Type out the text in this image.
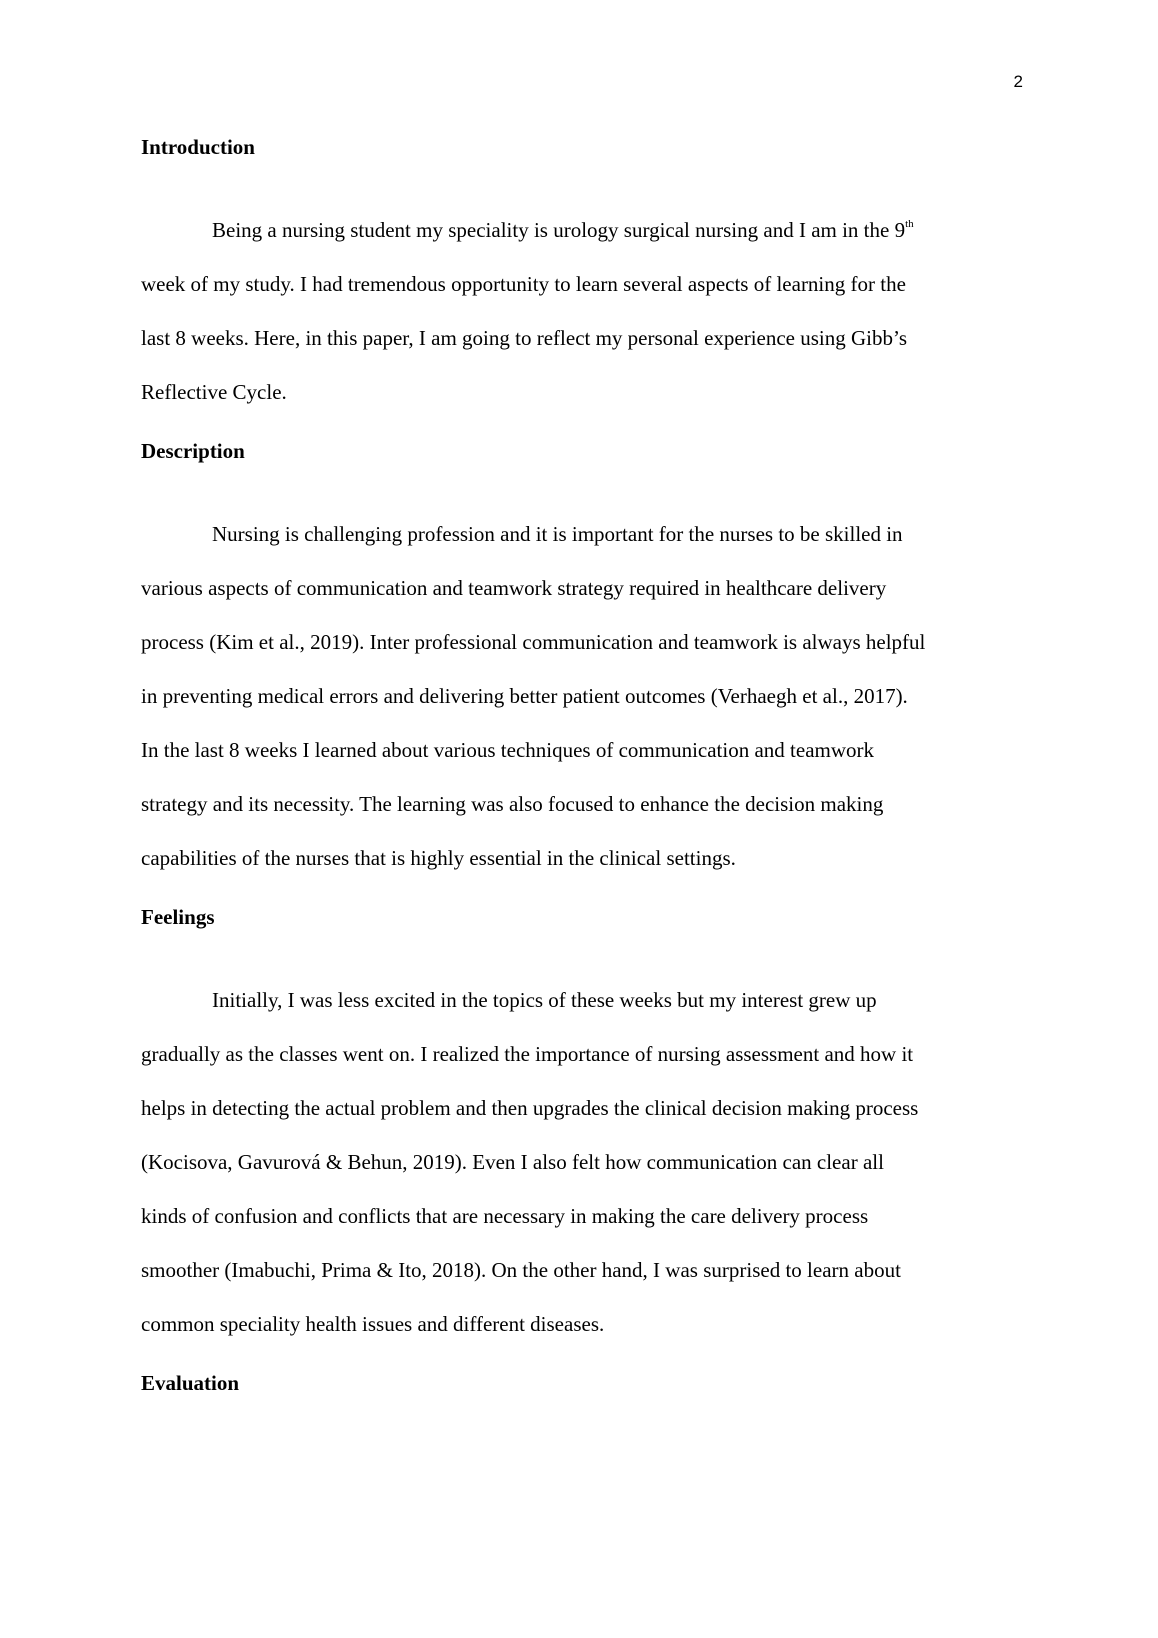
2
Introduction

Being a nursing student my speciality is urology surgical nursing and I am in the 9th
week of my study. I had tremendous opportunity to learn several aspects of learning for the
last 8 weeks. Here, in this paper, I am going to reflect my personal experience using Gibb’s
Reflective Cycle.

Description

Nursing is challenging profession and it is important for the nurses to be skilled in
various aspects of communication and teamwork strategy required in healthcare delivery
process (Kim et al., 2019). Inter professional communication and teamwork is always helpful
in preventing medical errors and delivering better patient outcomes (Verhaegh et al., 2017).
In the last 8 weeks I learned about various techniques of communication and teamwork
strategy and its necessity. The learning was also focused to enhance the decision making
capabilities of the nurses that is highly essential in the clinical settings.

Feelings

Initially, I was less excited in the topics of these weeks but my interest grew up
gradually as the classes went on. I realized the importance of nursing assessment and how it
helps in detecting the actual problem and then upgrades the clinical decision making process
(Kocisova, Gavurová & Behun, 2019). Even I also felt how communication can clear all
kinds of confusion and conflicts that are necessary in making the care delivery process
smoother (Imabuchi, Prima & Ito, 2018). On the other hand, I was surprised to learn about
common speciality health issues and different diseases.

Evaluation
